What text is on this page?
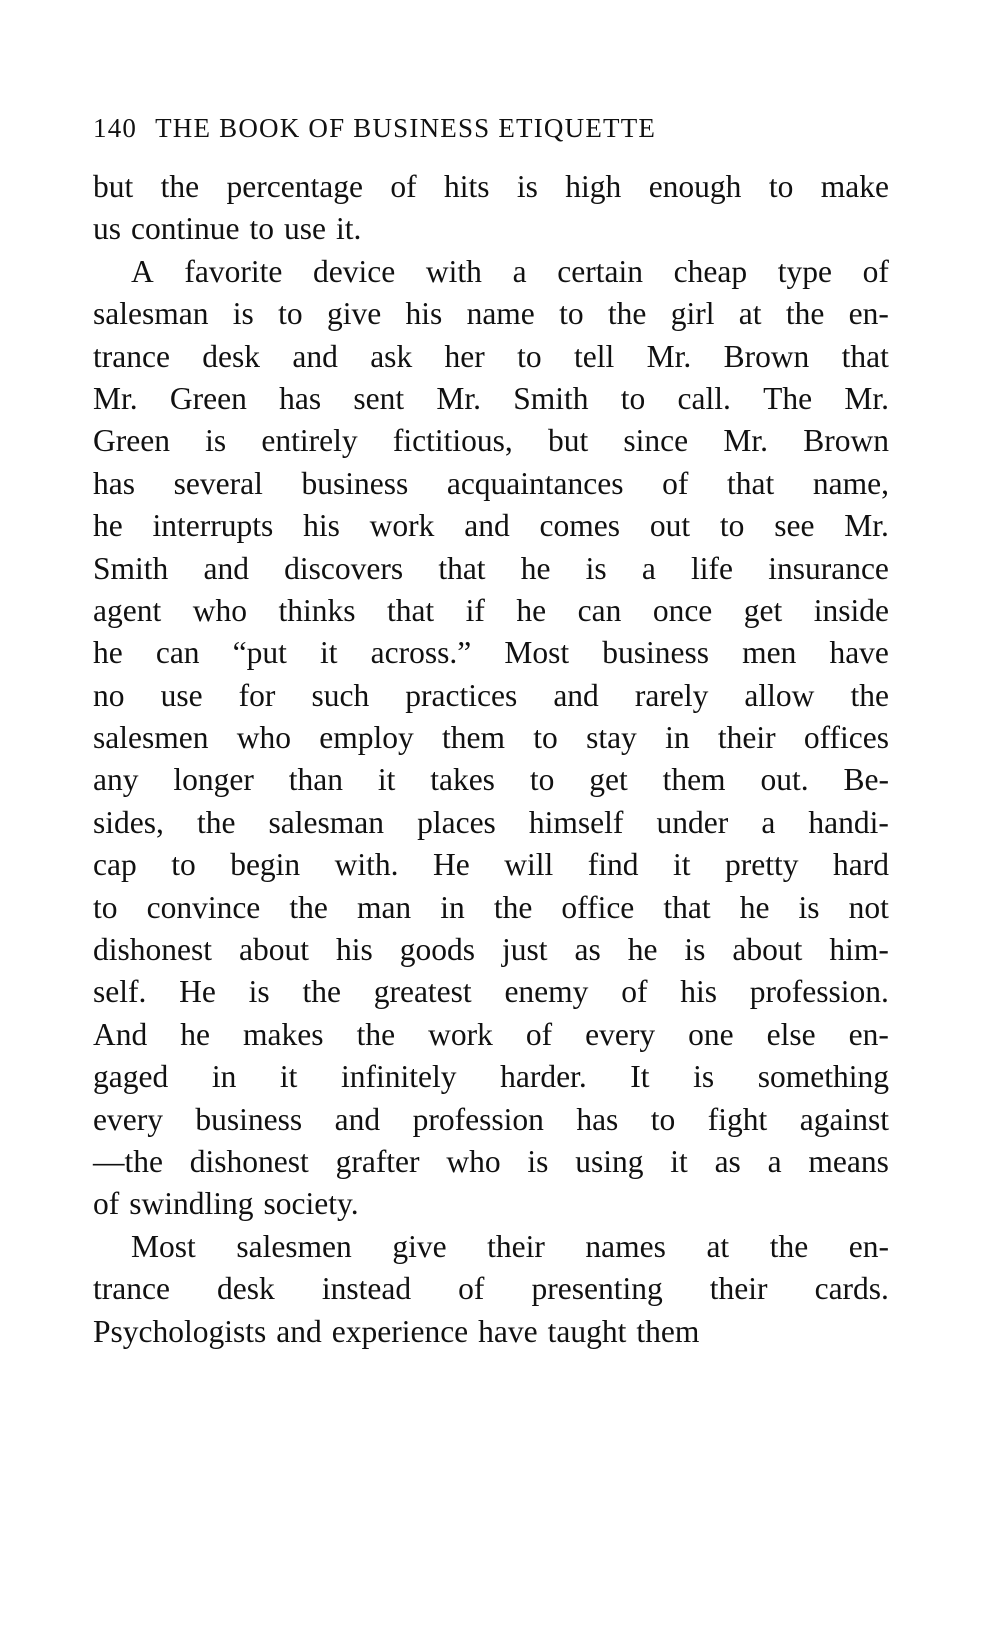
140 THE BOOK OF BUSINESS ETIQUETTE
but the percentage of hits is high enough to make
us continue to use it.
A favorite device with a certain cheap type of
salesman is to give his name to the girl at the en-
trance desk and ask her to tell Mr. Brown that
Mr. Green has sent Mr. Smith to call. The Mr.
Green is entirely fictitious, but since Mr. Brown
has several business acquaintances of that name,
he interrupts his work and comes out to see Mr.
Smith and discovers that he is a life insurance
agent who thinks that if he can once get inside
he can “put it across.” Most business men have
no use for such practices and rarely allow the
salesmen who employ them to stay in their offices
any longer than it takes to get them out. Be-
sides, the salesman places himself under a handi-
cap to begin with. He will find it pretty hard
to convince the man in the office that he is not
dishonest about his goods just as he is about him-
self. He is the greatest enemy of his profession.
And he makes the work of every one else en-
gaged in it infinitely harder. It is something
every business and profession has to fight against
—the dishonest grafter who is using it as a means
of swindling society.
Most salesmen give their names at the en-
trance desk instead of presenting their cards.
Psychologists and experience have taught them
